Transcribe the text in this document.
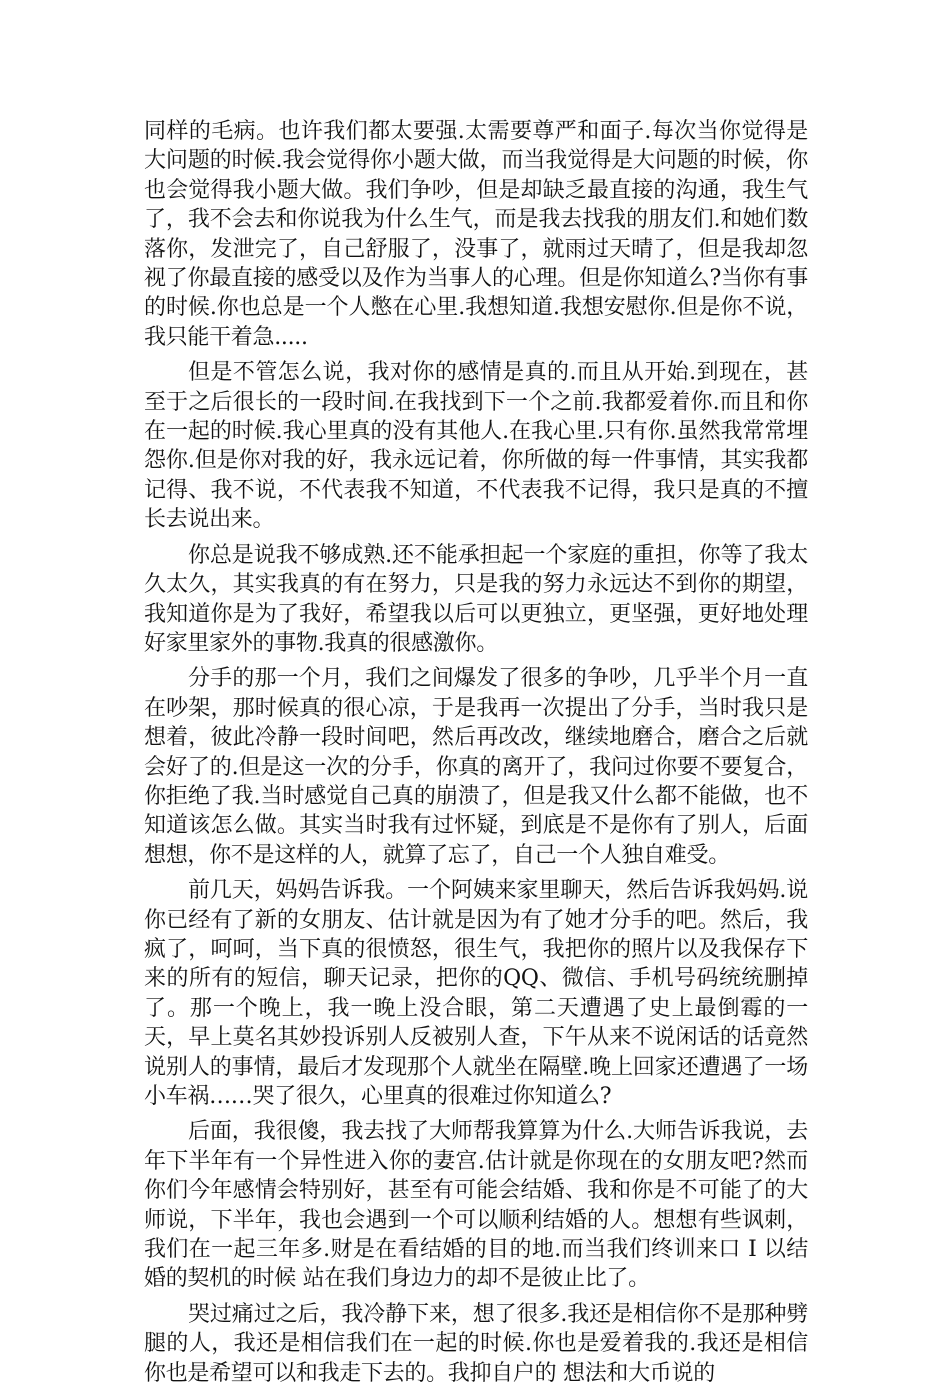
同样的毛病。也许我们都太要强.太需要尊严和面子.每次当你觉得是大问题的时候.我会觉得你小题大做，而当我觉得是大问题的时候，你也会觉得我小题大做。我们争吵，但是却缺乏最直接的沟通，我生气了，我不会去和你说我为什么生气，而是我去找我的朋友们.和她们数落你，发泄完了，自己舒服了，没事了，就雨过天晴了，但是我却忽视了你最直接的感受以及作为当事人的心理。但是你知道么?当你有事的时候.你也总是一个人憋在心里.我想知道.我想安慰你.但是你不说，我只能干着急.....

但是不管怎么说，我对你的感情是真的.而且从开始.到现在，甚至于之后很长的一段时间.在我找到下一个之前.我都爱着你.而且和你在一起的时候.我心里真的没有其他人.在我心里.只有你.虽然我常常埋怨你.但是你对我的好，我永远记着，你所做的每一件事情，其实我都记得、我不说，不代表我不知道，不代表我不记得，我只是真的不擅长去说出来。

你总是说我不够成熟.还不能承担起一个家庭的重担，你等了我太久太久，其实我真的有在努力，只是我的努力永远达不到你的期望，我知道你是为了我好，希望我以后可以更独立，更坚强，更好地处理好家里家外的事物.我真的很感激你。

分手的那一个月，我们之间爆发了很多的争吵，几乎半个月一直在吵架，那时候真的很心凉，于是我再一次提出了分手，当时我只是想着，彼此冷静一段时间吧，然后再改改，继续地磨合，磨合之后就会好了的.但是这一次的分手，你真的离开了，我问过你要不要复合，你拒绝了我.当时感觉自己真的崩溃了，但是我又什么都不能做，也不知道该怎么做。其实当时我有过怀疑，到底是不是你有了别人，后面想想，你不是这样的人，就算了忘了，自己一个人独自难受。

前几天，妈妈告诉我。一个阿姨来家里聊天，然后告诉我妈妈.说你已经有了新的女朋友、估计就是因为有了她才分手的吧。然后，我疯了，呵呵，当下真的很愤怒，很生气，我把你的照片以及我保存下来的所有的短信，聊天记录，把你的QQ、微信、手机号码统统删掉了。那一个晚上，我一晚上没合眼，第二天遭遇了史上最倒霉的一天，早上莫名其妙投诉别人反被别人查，下午从来不说闲话的话竟然说别人的事情，最后才发现那个人就坐在隔壁.晚上回家还遭遇了一场小车祸……哭了很久，心里真的很难过你知道么?

后面，我很傻，我去找了大师帮我算算为什么.大师告诉我说，去年下半年有一个异性进入你的妻宫.估计就是你现在的女朋友吧?然而你们今年感情会特别好，甚至有可能会结婚、我和你是不可能了的大师说，下半年，我也会遇到一个可以顺利结婚的人。想想有些讽刺，我们在一起三年多.财是在看结婚的目的地.而当我们终训来口 I 以结婚的契机的时候 站在我们身边力的却不是彼止比了。

哭过痛过之后，我冷静下来，想了很多.我还是相信你不是那种劈腿的人，我还是相信我们在一起的时候.你也是爱着我的.我还是相信你也是希望可以和我走下去的。我抑自户的 想法和大币说的
